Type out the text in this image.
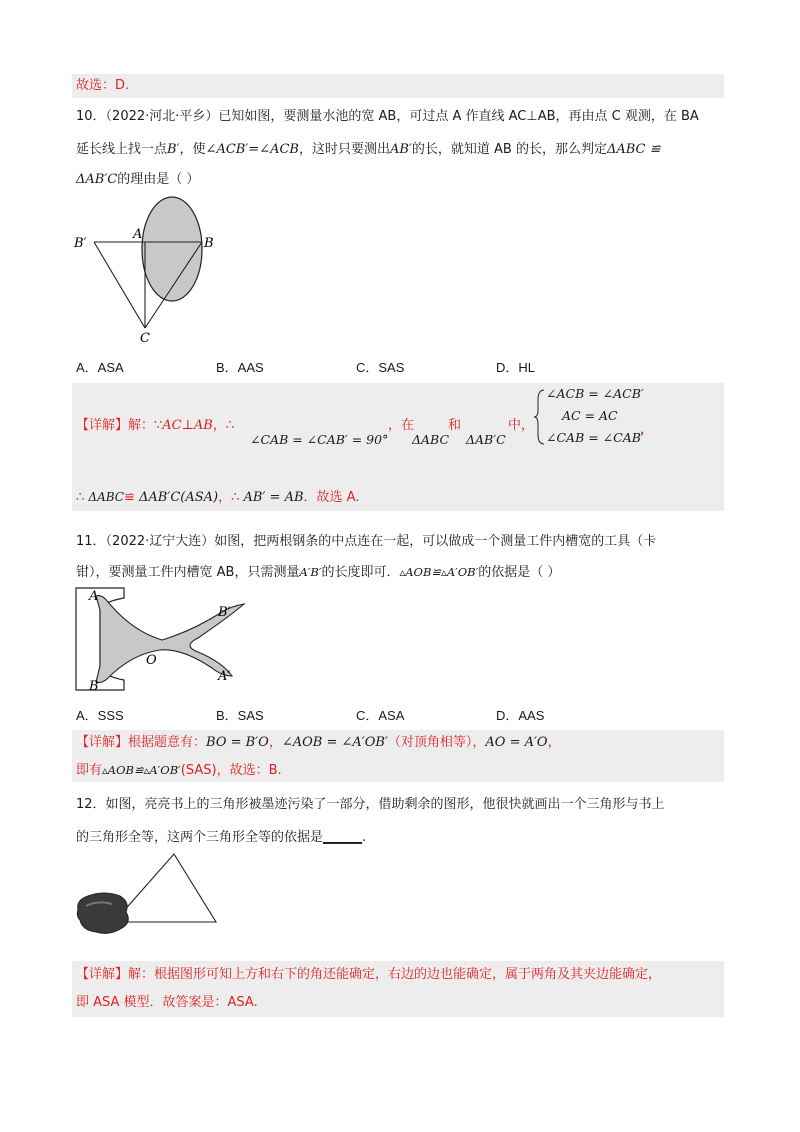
故选：D.
10．（2022·河北·平乡）已知如图，要测量水池的宽 AB，可过点 A 作直线 AC⊥AB，再由点 C 观测，在 BA
延长线上找一点B′，使∠ACB′=∠ACB，这时只要测出AB′的长，就知道 AB 的长，那么判定ΔABC ≌
ΔAB′C的理由是（ ）
B′
A
B
C
A．ASA	B．AAS	C．SAS	D．HL
【详解】解：∵AC⊥AB，∴
∠CAB = ∠CAB′ = 90°
，在
ΔABC
和
ΔAB′C
中，
∠ACB = ∠ACB′
AC = AC
∠CAB = ∠CAB′
，
∴ ΔABC≌ ΔAB′C(ASA)，∴ AB′ = AB．故选 A.
11．（2022·辽宁大连）如图，把两根钢条的中点连在一起，可以做成一个测量工件内槽宽的工具（卡
钳），要测量工件内槽宽 AB，只需测量A′B′的长度即可．▵AOB≌▵A′OB′的依据是（ ）
A
B
B′
O
A′
A．SSS	B．SAS	C．ASA	D．AAS
【详解】根据题意有：BO = B′O，∠AOB = ∠A′OB′（对顶角相等），AO = A′O，
即有▵AOB≌▵A′OB′(SAS)，故选：B.
12．如图，亮亮书上的三角形被墨迹污染了一部分，借助剩余的图形，他很快就画出一个三角形与书上
的三角形全等，这两个三角形全等的依据是______.
【详解】解：根据图形可知上方和右下的角还能确定，右边的边也能确定，属于两角及其夹边能确定，
即 ASA 模型．故答案是：ASA.
